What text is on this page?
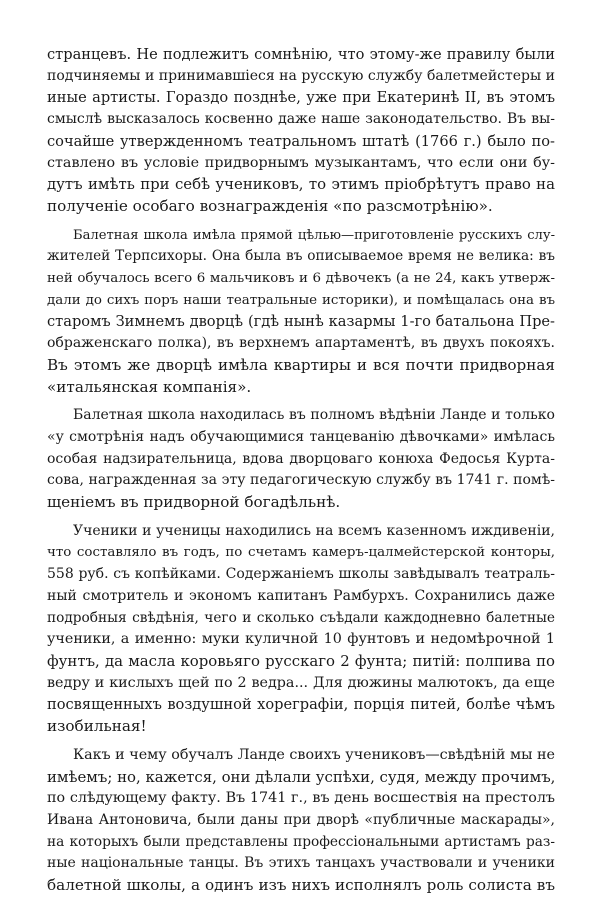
странцевъ. Не подлежитъ сомнѣнію, что этому-же правилу были
подчиняемы и принимавшіеся на русскую службу балетмейстеры и
иные артисты. Гораздо позднѣе, уже при Екатеринѣ II, въ этомъ
смыслѣ высказалось косвенно даже наше законодательство. Въ вы-
сочайше утвержденномъ театральномъ штатѣ (1766 г.) было по-
ставлено въ условіе придворнымъ музыкантамъ, что если они бу-
дутъ имѣть при себѣ учениковъ, то этимъ пріобрѣтутъ право на
полученіе особаго вознагражденія «по разсмотрѣнію».
Балетная школа имѣла прямой цѣлью—приготовленіе русскихъ слу-
жителей Терпсихоры. Она была въ описываемое время не велика: въ
ней обучалось всего 6 мальчиковъ и 6 дѣвочекъ (а не 24, какъ утверж-
дали до сихъ поръ наши театральные историки), и помѣщалась она въ
старомъ Зимнемъ дворцѣ (гдѣ нынѣ казармы 1-го батальона Пре-
ображенскаго полка), въ верхнемъ апартаментѣ, въ двухъ покояхъ.
Въ этомъ же дворцѣ имѣла квартиры и вся почти придворная
«итальянская компанія».
Балетная школа находилась въ полномъ вѣдѣніи Ланде и только
«у смотрѣнія надъ обучающимися танцеванію дѣвочками» имѣлась
особая надзирательница, вдова дворцоваго конюха Федосья Курта-
сова, награжденная за эту педагогическую службу въ 1741 г. помѣ-
щеніемъ въ придворной богадѣльнѣ.
Ученики и ученицы находились на всемъ казенномъ иждивеніи,
что составляло въ годъ, по счетамъ камеръ-цалмейстерской конторы,
558 руб. съ копѣйками. Содержаніемъ школы завѣдывалъ театраль-
ный смотритель и экономъ капитанъ Рамбурхъ. Сохранились даже
подробныя свѣдѣнія, чего и сколько съѣдали каждодневно балетные
ученики, а именно: муки куличной 10 фунтовъ и недомѣрочной 1
фунтъ, да масла коровьяго русскаго 2 фунта; питій: полпива по
ведру и кислыхъ щей по 2 ведра... Для дюжины малютокъ, да еще
посвященныхъ воздушной хореграфіи, порція питей, болѣе чѣмъ
изобильная!
Какъ и чему обучалъ Ланде своихъ учениковъ—свѣдѣній мы не
имѣемъ; но, кажется, они дѣлали успѣхи, судя, между прочимъ,
по слѣдующему факту. Въ 1741 г., въ день восшествія на престолъ
Ивана Антоновича, были даны при дворѣ «публичные маскарады»,
на которыхъ были представлены профессіональными артистамъ раз-
ные національные танцы. Въ этихъ танцахъ участвовали и ученики
балетной школы, а одинъ изъ нихъ исполнялъ роль солиста въ
